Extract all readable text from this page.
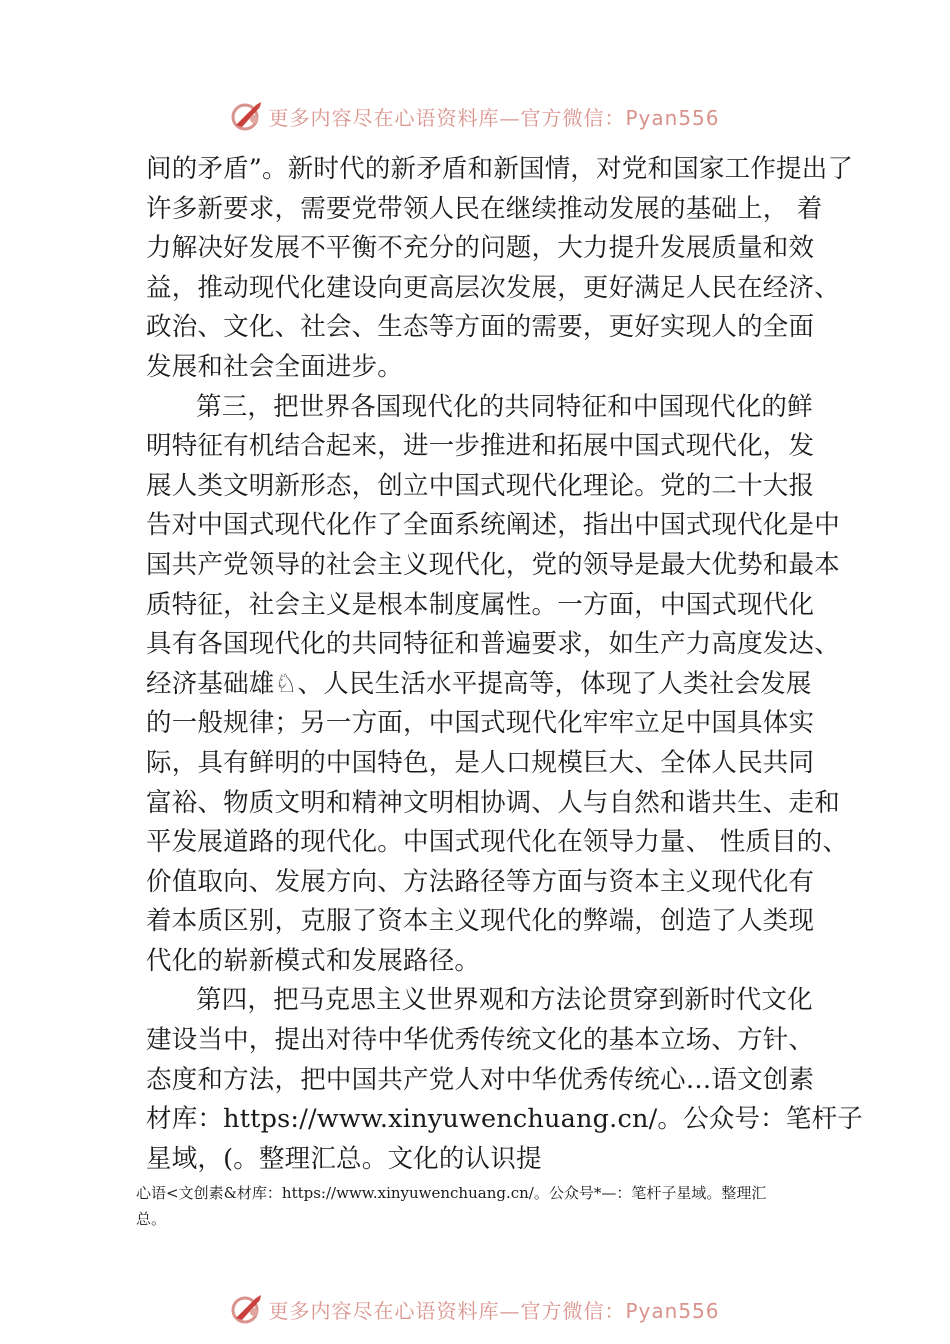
更多内容尽在心语资料库—官方微信：Pyan556
间的矛盾”。新时代的新矛盾和新国情，对党和国家工作提出了
许多新要求，需要党带领人民在继续推动发展的基础上， 着
力解决好发展不平衡不充分的问题，大力提升发展质量和效
益，推动现代化建设向更高层次发展，更好满足人民在经济、
政治、文化、社会、生态等方面的需要，更好实现人的全面
发展和社会全面进步。
第三，把世界各国现代化的共同特征和中国现代化的鲜
明特征有机结合起来，进一步推进和拓展中国式现代化，发
展人类文明新形态，创立中国式现代化理论。党的二十大报
告对中国式现代化作了全面系统阐述，指出中国式现代化是中
国共产党领导的社会主义现代化，党的领导是最大优势和最本
质特征，社会主义是根本制度属性。一方面，中国式现代化
具有各国现代化的共同特征和普遍要求，如生产力高度发达、
经济基础雄♘、人民生活水平提高等，体现了人类社会发展
的一般规律；另一方面，中国式现代化牢牢立足中国具体实
际，具有鲜明的中国特色，是人口规模巨大、全体人民共同
富裕、物质文明和精神文明相协调、人与自然和谐共生、走和
平发展道路的现代化。中国式现代化在领导力量、 性质目的、
价值取向、发展方向、方法路径等方面与资本主义现代化有
着本质区别，克服了资本主义现代化的弊端，创造了人类现
代化的崭新模式和发展路径。
第四，把马克思主义世界观和方法论贯穿到新时代文化
建设当中，提出对待中华优秀传统文化的基本立场、方针、
态度和方法，把中国共产党人对中华优秀传统心…语文创素
材库：https://www.xinyuwenchuang.cn/。公众号：笔杆子
星域，(。整理汇总。文化的认识提
心语<文创素&材库：https://www.xinyuwenchuang.cn/。公众号*—：笔杆子星域。整理汇
总。
更多内容尽在心语资料库—官方微信：Pyan556
